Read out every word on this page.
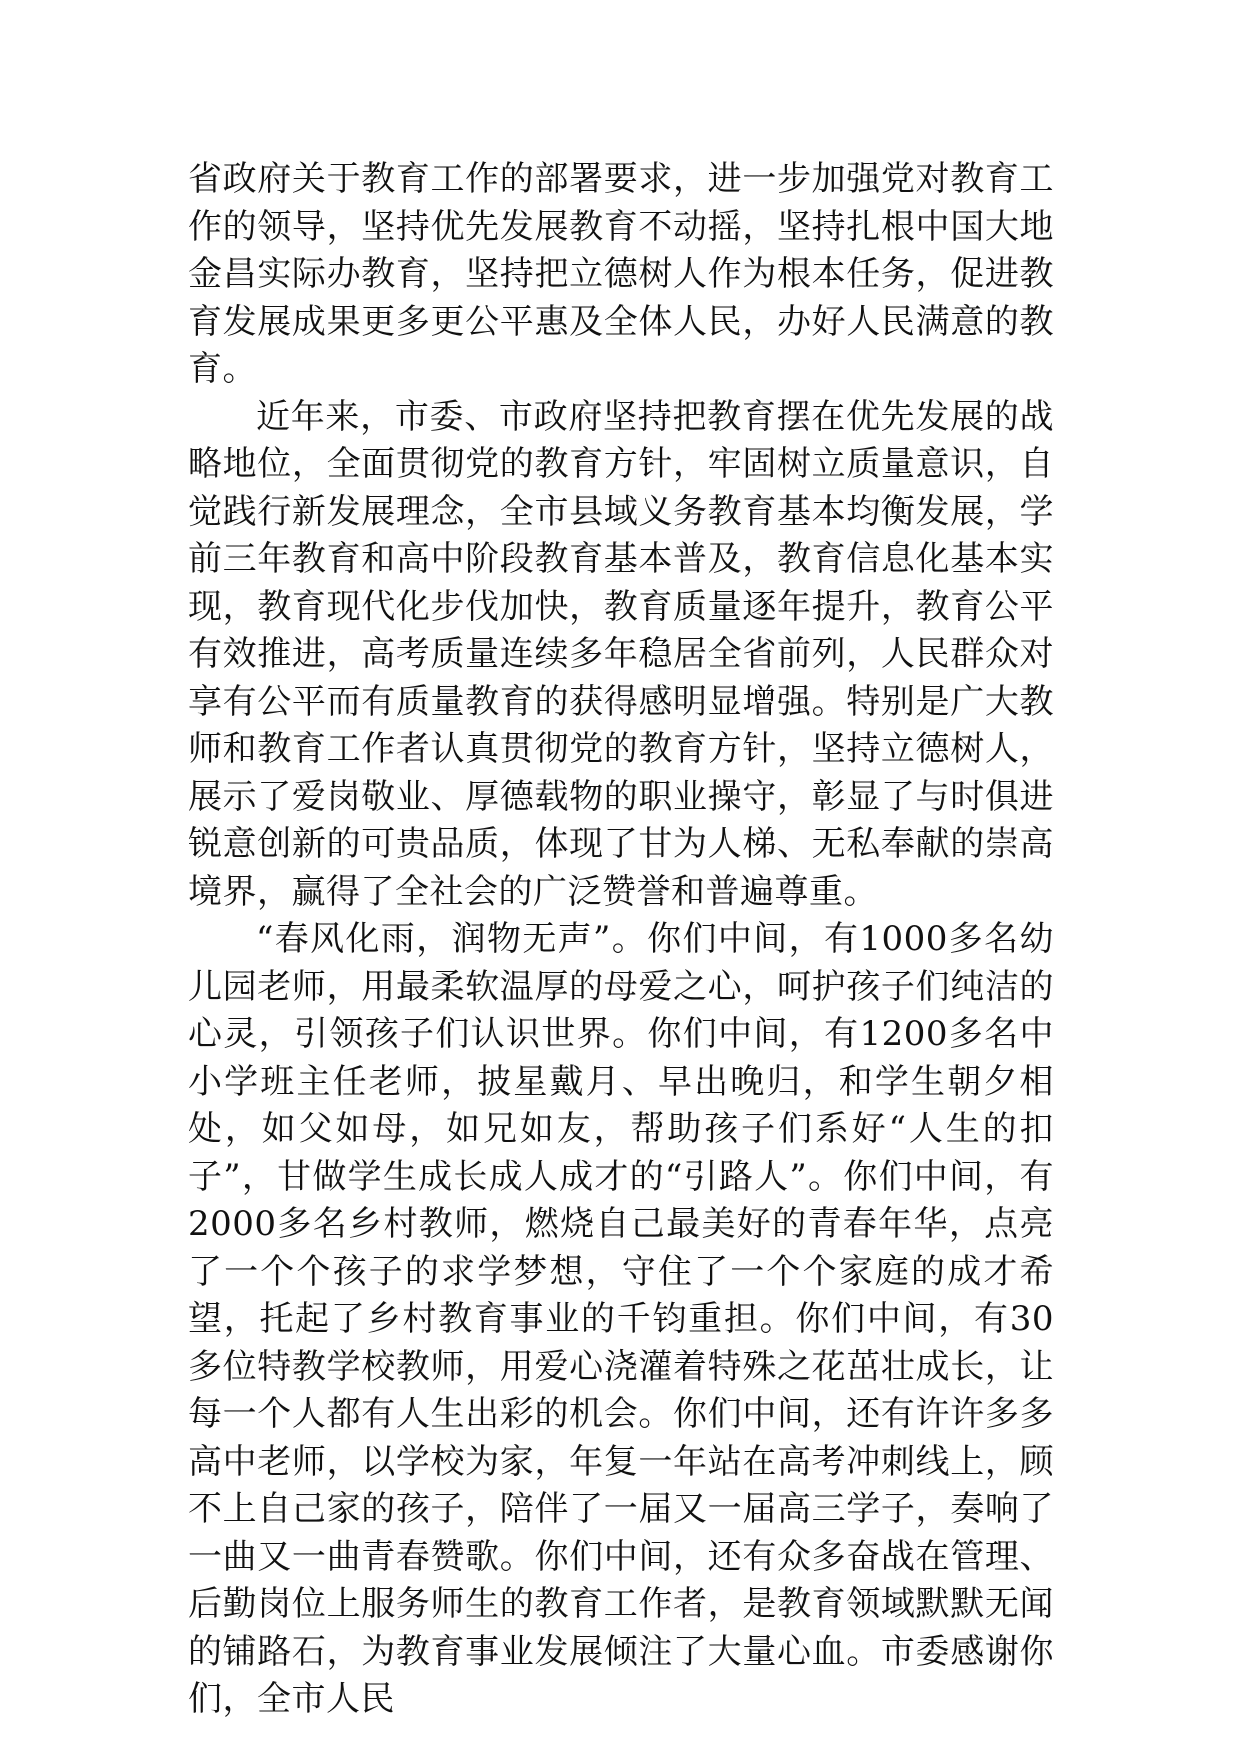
省政府关于教育工作的部署要求，进一步加强党对教育工作的领导，坚持优先发展教育不动摇，坚持扎根中国大地金昌实际办教育，坚持把立德树人作为根本任务，促进教育发展成果更多更公平惠及全体人民，办好人民满意的教育。

近年来，市委、市政府坚持把教育摆在优先发展的战略地位，全面贯彻党的教育方针，牢固树立质量意识，自觉践行新发展理念，全市县域义务教育基本均衡发展，学前三年教育和高中阶段教育基本普及，教育信息化基本实现，教育现代化步伐加快，教育质量逐年提升，教育公平有效推进，高考质量连续多年稳居全省前列，人民群众对享有公平而有质量教育的获得感明显增强。特别是广大教师和教育工作者认真贯彻党的教育方针，坚持立德树人，展示了爱岗敬业、厚德载物的职业操守，彰显了与时俱进锐意创新的可贵品质，体现了甘为人梯、无私奉献的崇高境界，赢得了全社会的广泛赞誉和普遍尊重。

“春风化雨，润物无声”。你们中间，有1000多名幼儿园老师，用最柔软温厚的母爱之心，呵护孩子们纯洁的心灵，引领孩子们认识世界。你们中间，有1200多名中小学班主任老师，披星戴月、早出晚归，和学生朝夕相处，如父如母，如兄如友，帮助孩子们系好“人生的扣子”，甘做学生成长成人成才的“引路人”。你们中间，有2000多名乡村教师，燃烧自己最美好的青春年华，点亮了一个个孩子的求学梦想，守住了一个个家庭的成才希望，托起了乡村教育事业的千钧重担。你们中间，有30多位特教学校教师，用爱心浇灌着特殊之花茁壮成长，让每一个人都有人生出彩的机会。你们中间，还有许许多多高中老师，以学校为家，年复一年站在高考冲刺线上，顾不上自己家的孩子，陪伴了一届又一届高三学子，奏响了一曲又一曲青春赞歌。你们中间，还有众多奋战在管理、后勤岗位上服务师生的教育工作者，是教育领域默默无闻的铺路石，为教育事业发展倾注了大量心血。市委感谢你们，全市人民
